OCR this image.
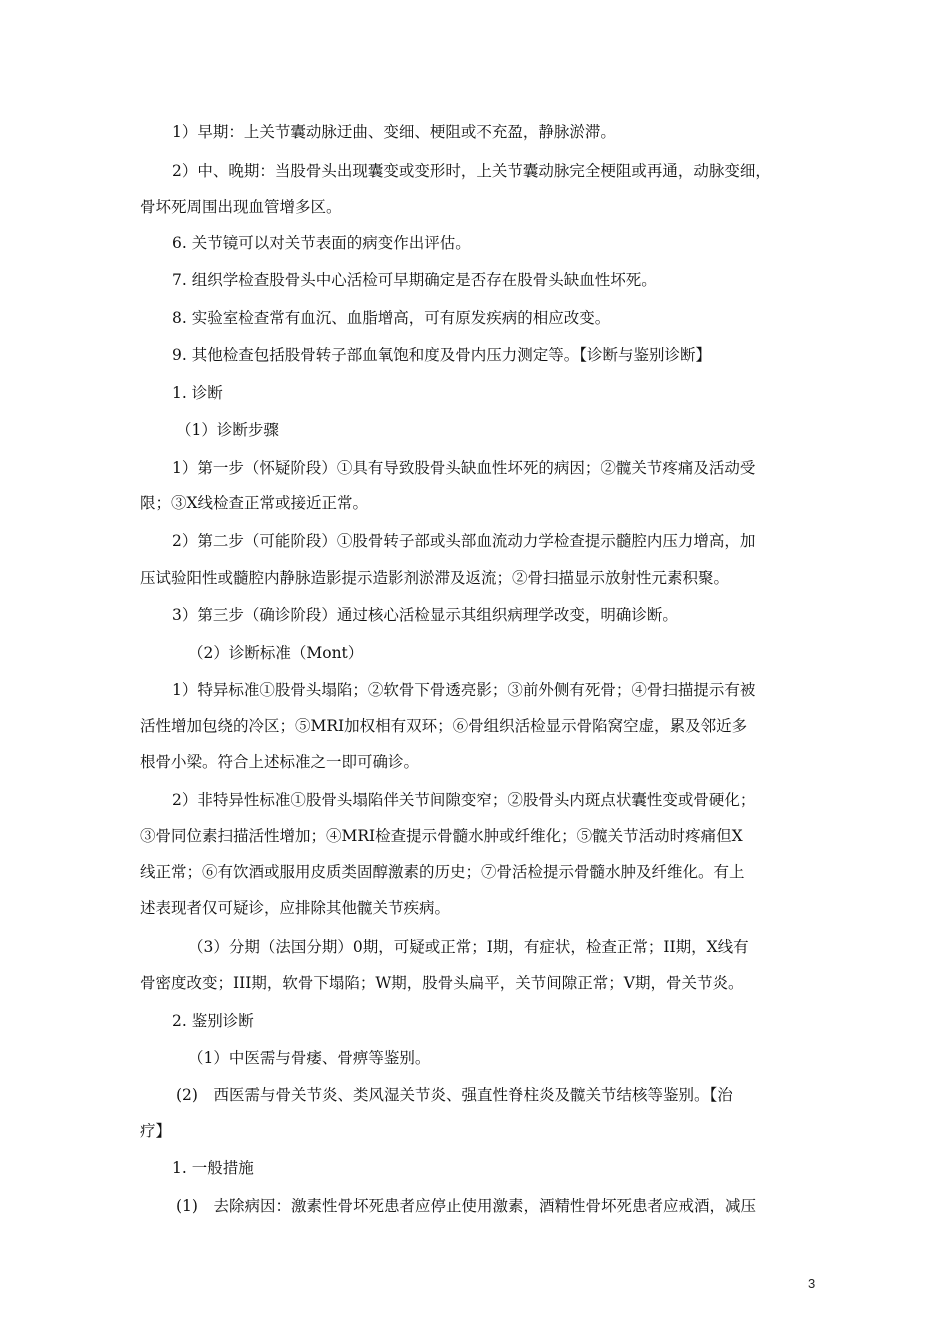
1）早期：上关节囊动脉迂曲、变细、梗阻或不充盈，静脉淤滞。
2）中、晚期：当股骨头出现囊变或变形时，上关节囊动脉完全梗阻或再通，动脉变细，
骨坏死周围出现血管增多区。
6. 关节镜可以对关节表面的病变作出评估。
7. 组织学检查股骨头中心活检可早期确定是否存在股骨头缺血性坏死。
8. 实验室检查常有血沉、血脂增高，可有原发疾病的相应改变。
9. 其他检查包括股骨转子部血氧饱和度及骨内压力测定等。【诊断与鉴别诊断】
1. 诊断
（1）诊断步骤
1）第一步（怀疑阶段）①具有导致股骨头缺血性坏死的病因；②髋关节疼痛及活动受
限；③X线检查正常或接近正常。
2）第二步（可能阶段）①股骨转子部或头部血流动力学检查提示髓腔内压力增高，加
压试验阳性或髓腔内静脉造影提示造影剂淤滞及返流；②骨扫描显示放射性元素积聚。
3）第三步（确诊阶段）通过核心活检显示其组织病理学改变，明确诊断。
（2）诊断标准（Mont）
1）特异标准①股骨头塌陷；②软骨下骨透亮影；③前外侧有死骨；④骨扫描提示有被
活性增加包绕的冷区；⑤MRI加权相有双环；⑥骨组织活检显示骨陷窝空虚，累及邻近多
根骨小梁。符合上述标准之一即可确诊。
2）非特异性标准①股骨头塌陷伴关节间隙变窄；②股骨头内斑点状囊性变或骨硬化；
③骨同位素扫描活性增加；④MRI检查提示骨髓水肿或纤维化；⑤髋关节活动时疼痛但X
线正常；⑥有饮酒或服用皮质类固醇激素的历史；⑦骨活检提示骨髓水肿及纤维化。有上
述表现者仅可疑诊，应排除其他髋关节疾病。
（3）分期（法国分期）0期，可疑或正常；I期，有症状，检查正常；II期，X线有
骨密度改变；III期，软骨下塌陷；W期，股骨头扁平，关节间隙正常；V期，骨关节炎。
2. 鉴别诊断
（1）中医需与骨痿、骨痹等鉴别。
(2)　西医需与骨关节炎、类风湿关节炎、强直性脊柱炎及髋关节结核等鉴别。【治
疗】
1. 一般措施
(1)　去除病因：激素性骨坏死患者应停止使用激素，酒精性骨坏死患者应戒酒，减压
3
